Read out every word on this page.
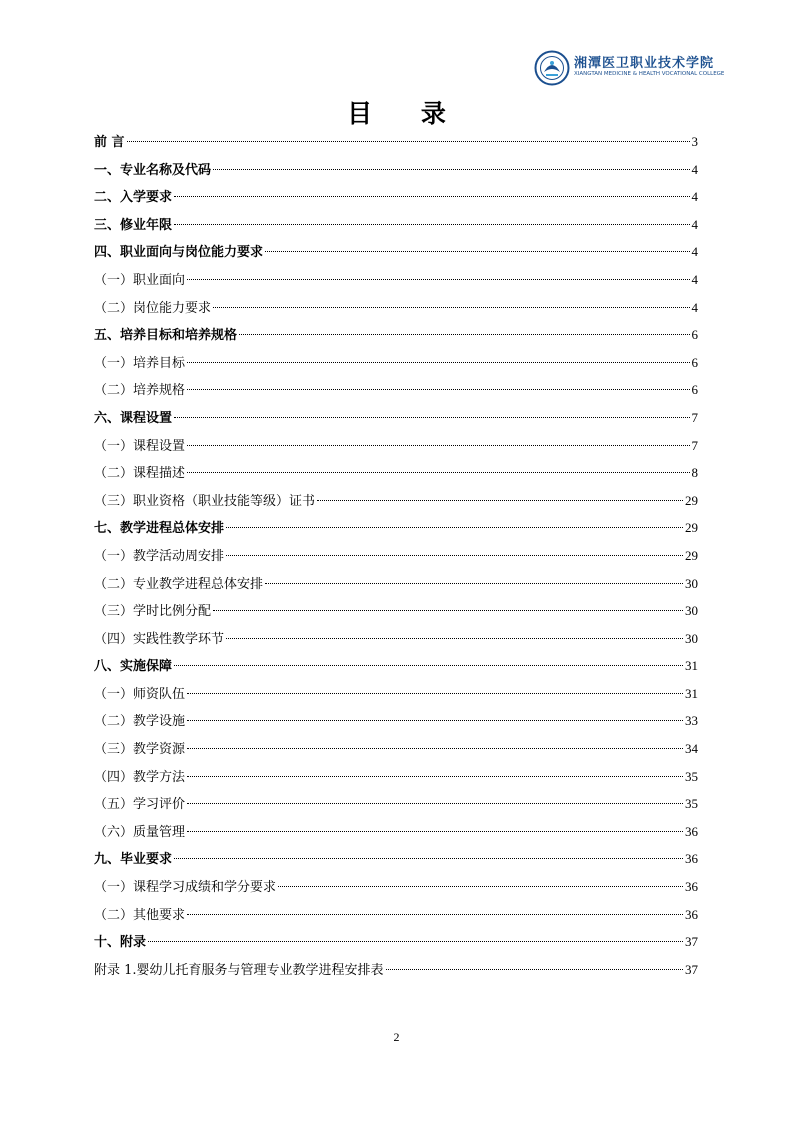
湘潭医卫职业技术学院
XIANGTAN MEDICINE & HEALTH VOCATIONAL COLLEGE
目 录
前 言	3
一、专业名称及代码	4
二、入学要求	4
三、修业年限	4
四、职业面向与岗位能力要求	4
（一）职业面向	4
（二）岗位能力要求	4
五、培养目标和培养规格	6
（一）培养目标	6
（二）培养规格	6
六、课程设置	7
（一）课程设置	7
（二）课程描述	8
（三）职业资格（职业技能等级）证书	29
七、教学进程总体安排	29
（一）教学活动周安排	29
（二）专业教学进程总体安排	30
（三）学时比例分配	30
（四）实践性教学环节	30
八、实施保障	31
（一）师资队伍	31
（二）教学设施	33
（三）教学资源	34
（四）教学方法	35
（五）学习评价	35
（六）质量管理	36
九、毕业要求	36
（一）课程学习成绩和学分要求	36
（二）其他要求	36
十、附录	37
附录 1.婴幼儿托育服务与管理专业教学进程安排表	37
2
